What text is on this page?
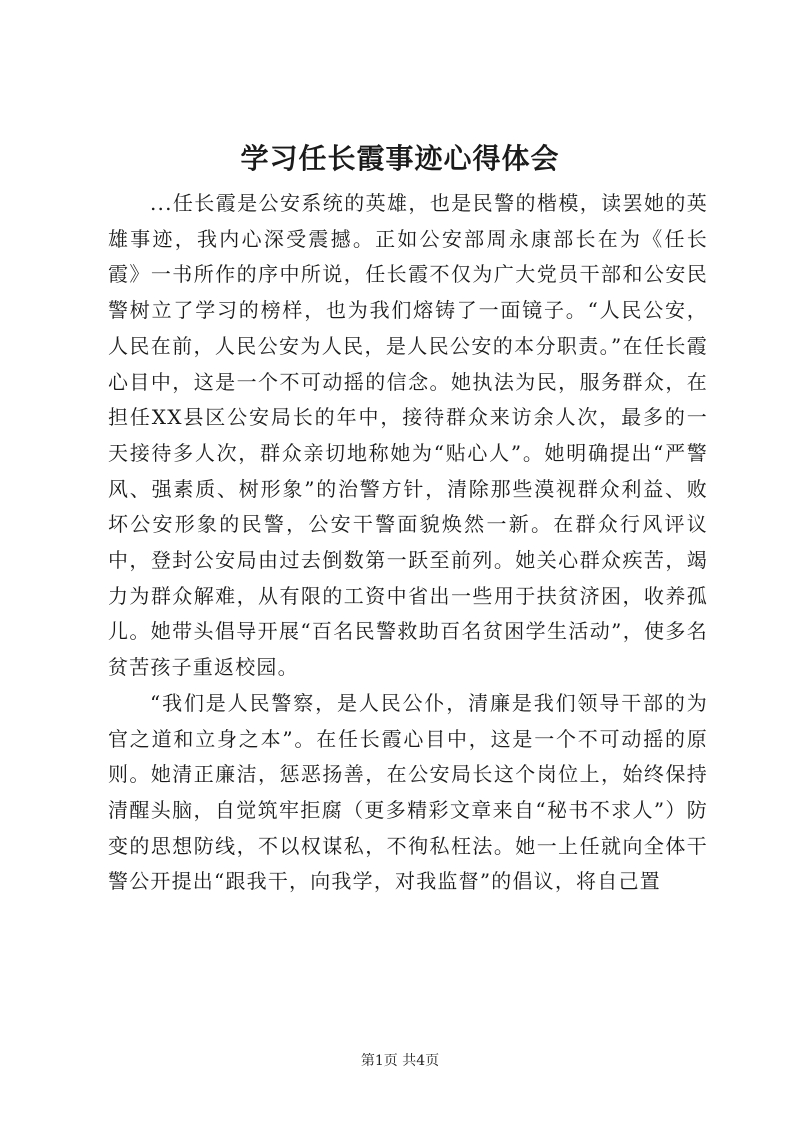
学习任长霞事迹心得体会

...任长霞是公安系统的英雄，也是民警的楷模，读罢她的英雄事迹，我内心深受震撼。正如公安部周永康部长在为《任长霞》一书所作的序中所说，任长霞不仅为广大党员干部和公安民警树立了学习的榜样，也为我们熔铸了一面镜子。“人民公安，人民在前，人民公安为人民，是人民公安的本分职责。”在任长霞心目中，这是一个不可动摇的信念。她执法为民，服务群众，在担任XX县区公安局长的年中，接待群众来访余人次，最多的一天接待多人次，群众亲切地称她为“贴心人”。她明确提出“严警风、强素质、树形象”的治警方针，清除那些漠视群众利益、败坏公安形象的民警，公安干警面貌焕然一新。在群众行风评议中，登封公安局由过去倒数第一跃至前列。她关心群众疾苦，竭力为群众解难，从有限的工资中省出一些用于扶贫济困，收养孤儿。她带头倡导开展“百名民警救助百名贫困学生活动”，使多名贫苦孩子重返校园。

“我们是人民警察，是人民公仆，清廉是我们领导干部的为官之道和立身之本”。在任长霞心目中，这是一个不可动摇的原则。她清正廉洁，惩恶扬善，在公安局长这个岗位上，始终保持清醒头脑，自觉筑牢拒腐（更多精彩文章来自“秘书不求人”）防变的思想防线，不以权谋私，不徇私枉法。她一上任就向全体干警公开提出“跟我干，向我学，对我监督”的倡议，将自己置

第1页 共4页
